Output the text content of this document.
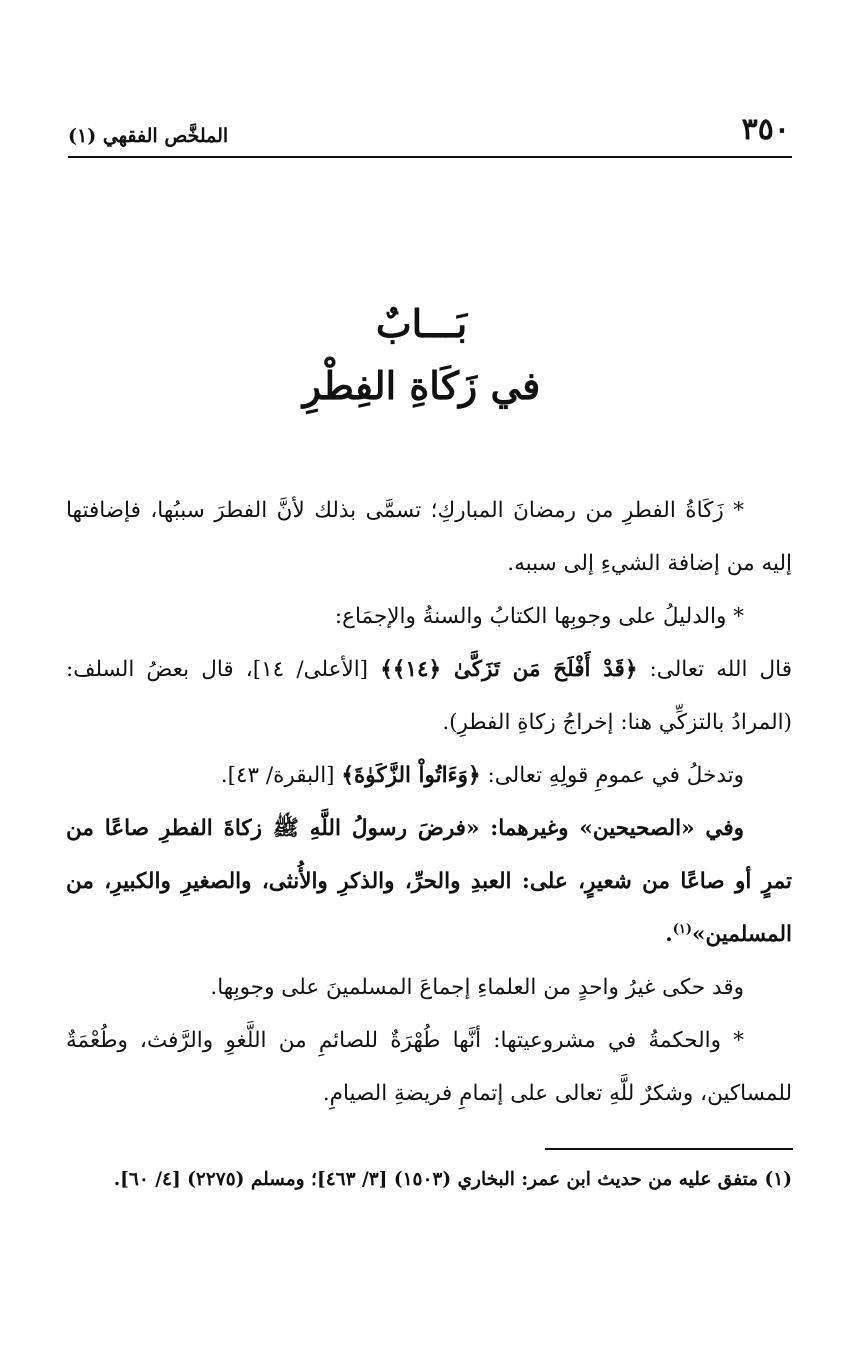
٣٥٠
الملخَّص الفقهي (١)
بَـــابٌ
في زَكَاةِ الفِطْرِ

* زَكَاةُ الفطرِ من رمضانَ المباركِ؛ تسمَّى بذلك لأنَّ الفطرَ سببُها، فإضافتها إليه من إضافة الشيءِ إلى سببه.

* والدليلُ على وجوبِها الكتابُ والسنةُ والإجمَاع:

قال الله تعالى: ﴿قَدْ أَفْلَحَ مَن تَزَكَّىٰ ﴿١٤﴾﴾ [الأعلى/ ١٤]، قال بعضُ السلف: (المرادُ بالتزكِّي هنا: إخراجُ زكاةِ الفطرِ).

وتدخلُ في عمومِ قولِهِ تعالى: ﴿وَءَاتُواْ الزَّكَوٰةَ﴾ [البقرة/ ٤٣].

وفي «الصحيحين» وغيرهما: «فرضَ رسولُ اللَّهِ ﷺ زكاةَ الفطرِ صاعًا من تمرٍ أو صاعًا من شعيرٍ، على: العبدِ والحرِّ، والذكرِ والأُنثى، والصغيرِ والكبيرِ، من المسلمين»$^{(١)}$.

وقد حكى غيرُ واحدٍ من العلماءِ إجماعَ المسلمينَ على وجوبِها.

* والحكمةُ في مشروعيتها: أنَّها طُهْرَةٌ للصائمِ من اللَّغوِ والرَّفث، وطُعْمَةٌ للمساكين، وشكرٌ للَّهِ تعالى على إتمامِ فريضةِ الصيامِ.

(١) متفق عليه من حديث ابن عمر: البخاري (١٥٠٣) [٣/ ٤٦٣]؛ ومسلم (٢٢٧٥) [٤/ ٦٠].
